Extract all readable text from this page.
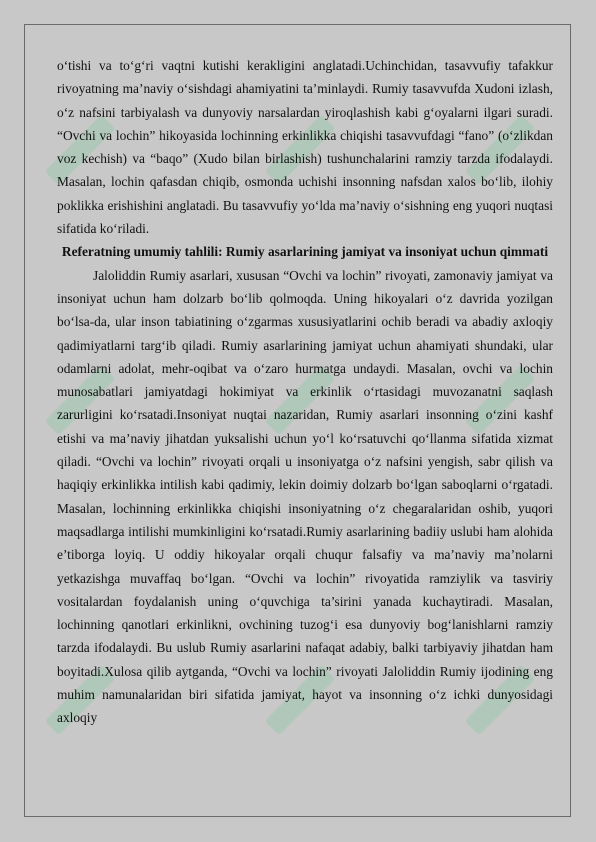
o‘tishi va to‘g‘ri vaqtni kutishi kerakligini anglatadi.Uchinchidan, tasavvufiy tafakkur rivoyatning ma’naviy o‘sishdagi ahamiyatini ta’minlaydi. Rumiy tasavvufda Xudoni izlash, o‘z nafsini tarbiyalash va dunyoviy narsalardan yiroqlashish kabi g‘oyalarni ilgari suradi. “Ovchi va lochin” hikoyasida lochinning erkinlikka chiqishi tasavvufdagi “fano” (o‘zlikdan voz kechish) va “baqo” (Xudo bilan birlashish) tushunchalarini ramziy tarzda ifodalaydi. Masalan, lochin qafasdan chiqib, osmonda uchishi insonning nafsdan xalos bo‘lib, ilohiy poklikka erishishini anglatadi. Bu tasavvufiy yo‘lda ma’naviy o‘sishning eng yuqori nuqtasi sifatida ko‘riladi.

Referatning umumiy tahlili: Rumiy asarlarining jamiyat va insoniyat uchun qimmati

Jaloliddin Rumiy asarlari, xususan “Ovchi va lochin” rivoyati, zamonaviy jamiyat va insoniyat uchun ham dolzarb bo‘lib qolmoqda. Uning hikoyalari o‘z davrida yozilgan bo‘lsa-da, ular inson tabiatining o‘zgarmas xususiyatlarini ochib beradi va abadiy axloqiy qadimiyatlarni targ‘ib qiladi. Rumiy asarlarining jamiyat uchun ahamiyati shundaki, ular odamlarni adolat, mehr-oqibat va o‘zaro hurmatga undaydi. Masalan, ovchi va lochin munosabatlari jamiyatdagi hokimiyat va erkinlik o‘rtasidagi muvozanatni saqlash zarurligini ko‘rsatadi.Insoniyat nuqtai nazaridan, Rumiy asarlari insonning o‘zini kashf etishi va ma’naviy jihatdan yuksalishi uchun yo‘l ko‘rsatuvchi qo‘llanma sifatida xizmat qiladi. “Ovchi va lochin” rivoyati orqali u insoniyatga o‘z nafsini yengish, sabr qilish va haqiqiy erkinlikka intilish kabi qadimiy, lekin doimiy dolzarb bo‘lgan saboqlarni o‘rgatadi. Masalan, lochinning erkinlikka chiqishi insoniyatning o‘z chegaralaridan oshib, yuqori maqsadlarga intilishi mumkinligini ko‘rsatadi.Rumiy asarlarining badiiy uslubi ham alohida e’tiborga loyiq. U oddiy hikoyalar orqali chuqur falsafiy va ma’naviy ma’nolarni yetkazishga muvaffaq bo‘lgan. “Ovchi va lochin” rivoyatida ramziylik va tasviriy vositalardan foydalanish uning o‘quvchiga ta’sirini yanada kuchaytiradi. Masalan, lochinning qanotlari erkinlikni, ovchining tuzog‘i esa dunyoviy bog‘lanishlarni ramziy tarzda ifodalaydi. Bu uslub Rumiy asarlarini nafaqat adabiy, balki tarbiyaviy jihatdan ham boyitadi.Xulosa qilib aytganda, “Ovchi va lochin” rivoyati Jaloliddin Rumiy ijodining eng muhim namunalaridan biri sifatida jamiyat, hayot va insonning o‘z ichki dunyosidagi axloqiy
